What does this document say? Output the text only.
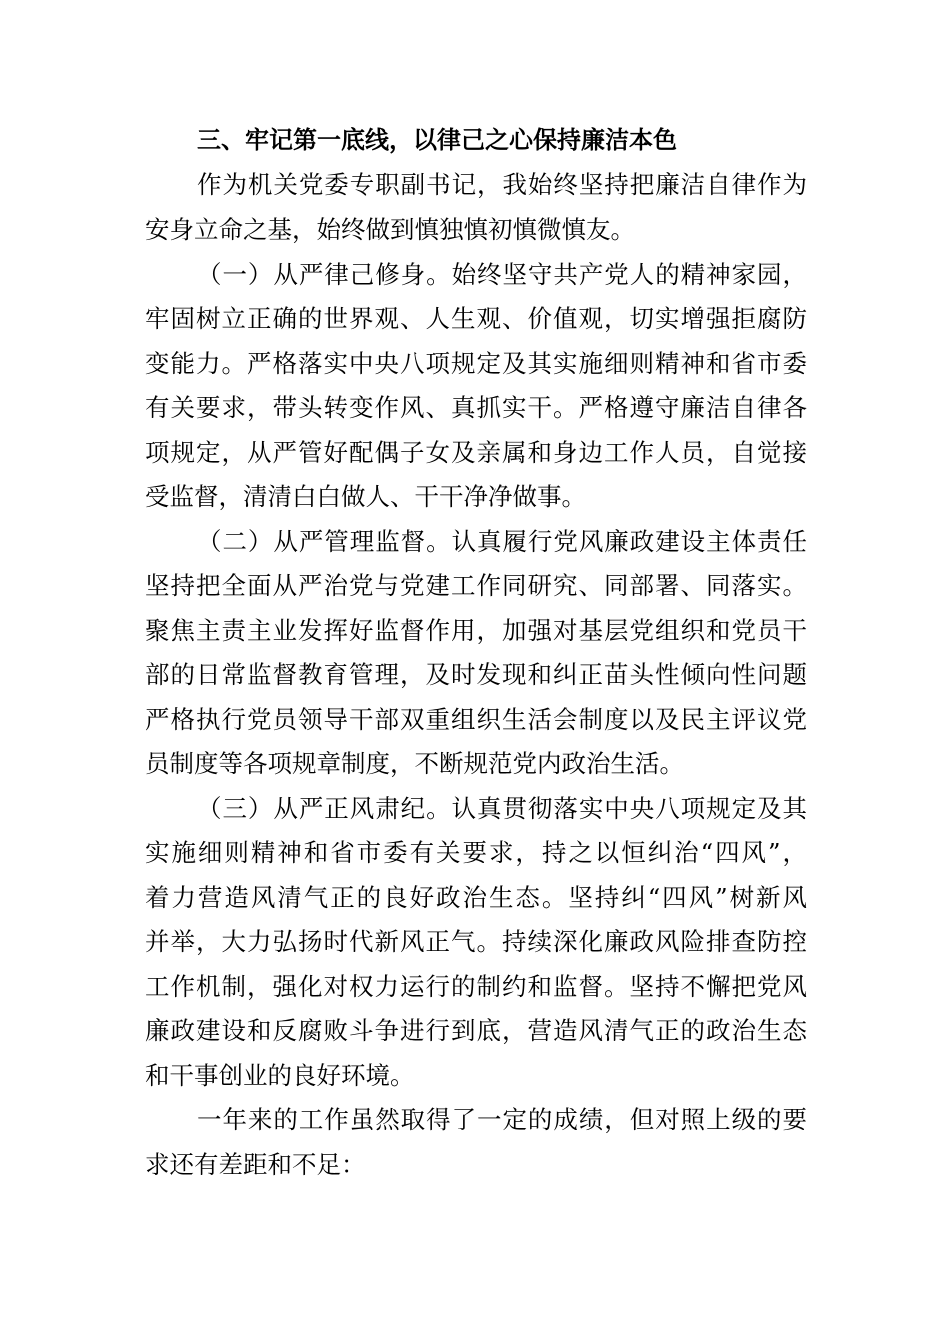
三、牢记第一底线，以律己之心保持廉洁本色
作为机关党委专职副书记，我始终坚持把廉洁自律作为
安身立命之基，始终做到慎独慎初慎微慎友。
（一）从严律己修身。始终坚守共产党人的精神家园，
牢固树立正确的世界观、人生观、价值观，切实增强拒腐防
变能力。严格落实中央八项规定及其实施细则精神和省市委
有关要求，带头转变作风、真抓实干。严格遵守廉洁自律各
项规定，从严管好配偶子女及亲属和身边工作人员，自觉接
受监督，清清白白做人、干干净净做事。
（二）从严管理监督。认真履行党风廉政建设主体责任
坚持把全面从严治党与党建工作同研究、同部署、同落实。
聚焦主责主业发挥好监督作用，加强对基层党组织和党员干
部的日常监督教育管理，及时发现和纠正苗头性倾向性问题
严格执行党员领导干部双重组织生活会制度以及民主评议党
员制度等各项规章制度，不断规范党内政治生活。
（三）从严正风肃纪。认真贯彻落实中央八项规定及其
实施细则精神和省市委有关要求，持之以恒纠治“四风”，
着力营造风清气正的良好政治生态。坚持纠“四风”树新风
并举，大力弘扬时代新风正气。持续深化廉政风险排查防控
工作机制，强化对权力运行的制约和监督。坚持不懈把党风
廉政建设和反腐败斗争进行到底，营造风清气正的政治生态
和干事创业的良好环境。
一年来的工作虽然取得了一定的成绩，但对照上级的要
求还有差距和不足：
